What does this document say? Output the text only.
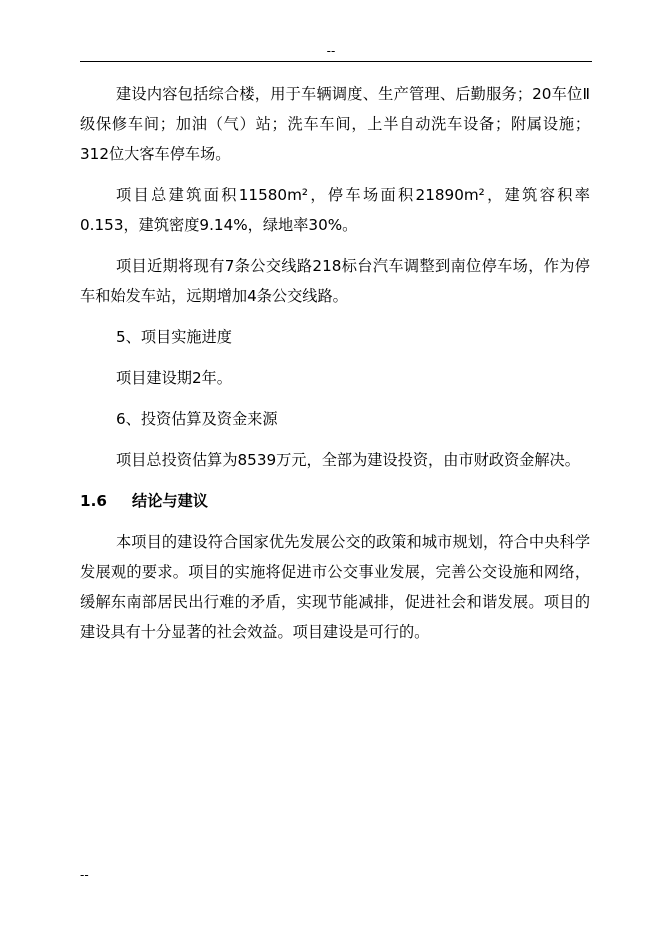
--

建设内容包括综合楼，用于车辆调度、生产管理、后勤服务；20车位Ⅱ级保修车间；加油（气）站；洗车车间，上半自动洗车设备；附属设施；312位大客车停车场。

项目总建筑面积11580m²，停车场面积21890m²，建筑容积率0.153，建筑密度9.14%，绿地率30%。

项目近期将现有7条公交线路218标台汽车调整到南位停车场，作为停车和始发车站，远期增加4条公交线路。

5、项目实施进度

项目建设期2年。

6、投资估算及资金来源

项目总投资估算为8539万元，全部为建设投资，由市财政资金解决。

1.6 结论与建议

本项目的建设符合国家优先发展公交的政策和城市规划，符合中央科学发展观的要求。项目的实施将促进市公交事业发展，完善公交设施和网络，缓解东南部居民出行难的矛盾，实现节能减排，促进社会和谐发展。项目的建设具有十分显著的社会效益。项目建设是可行的。

--
